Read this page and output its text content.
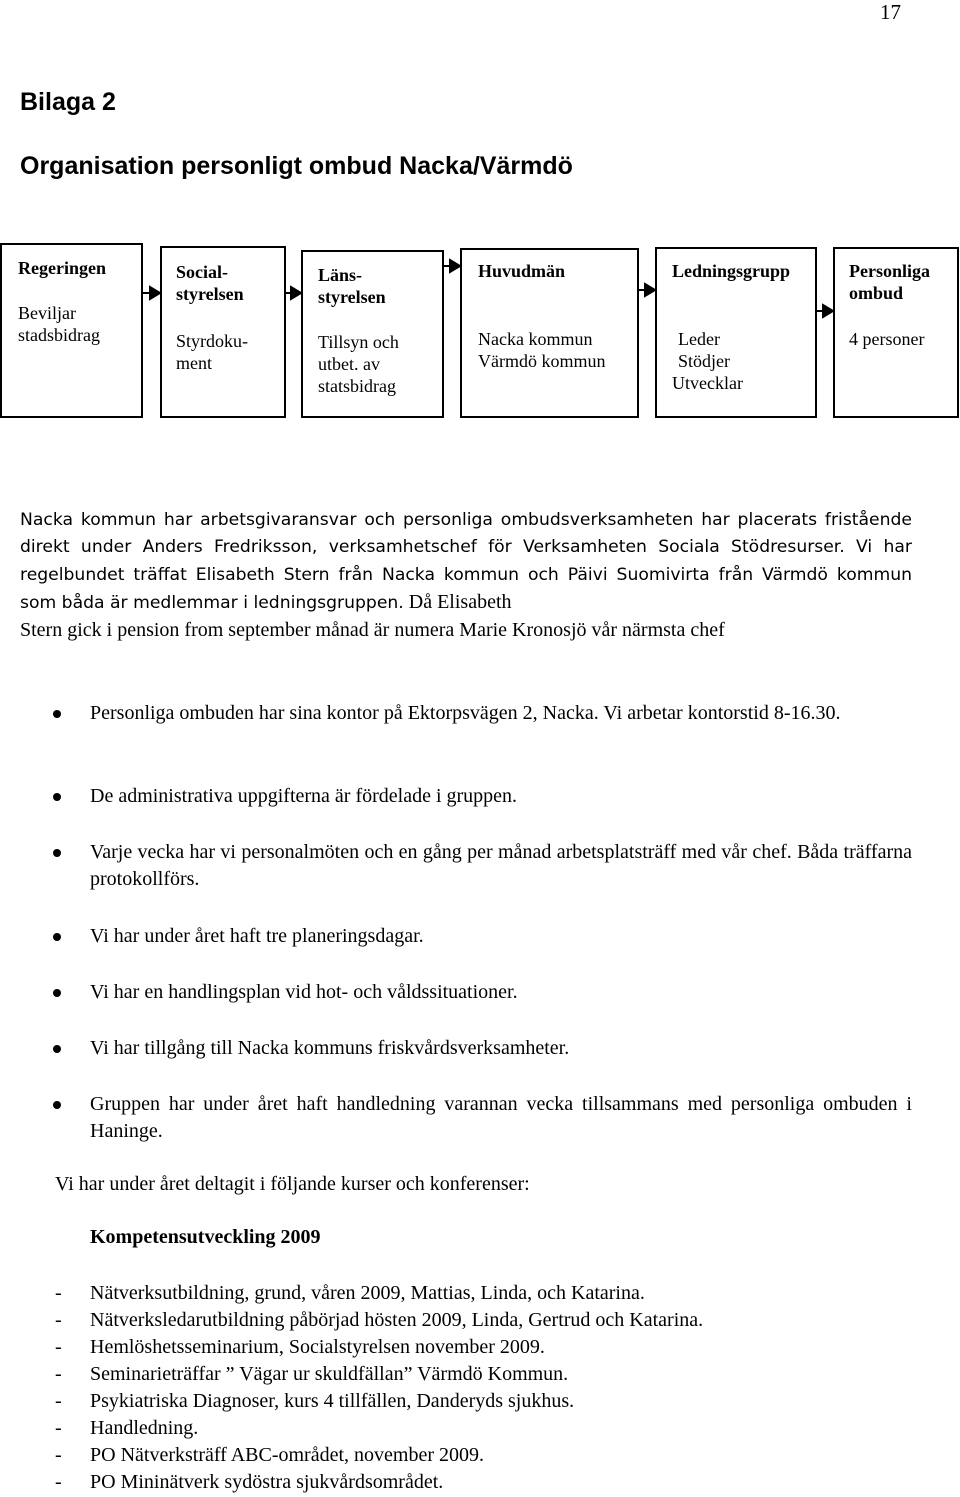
17
Bilaga 2
Organisation personligt ombud Nacka/Värmdö
Regeringen
Beviljar
stadsbidrag
Social-
styrelsen
Styrdoku-
ment
Läns-
styrelsen
Tillsyn och
utbet. av
statsbidrag
Huvudmän
Nacka kommun
Värmdö kommun
Ledningsgrupp
Leder
Stödjer
Utvecklar
Personliga
ombud
4 personer

Nacka kommun har arbetsgivaransvar och personliga ombudsverksamheten har placerats fristående direkt under Anders Fredriksson, verksamhetschef för Verksamheten Sociala Stödresurser. Vi har regelbundet träffat Elisabeth Stern från Nacka kommun och Päivi Suomivirta från Värmdö kommun som båda är medlemmar i ledningsgruppen. Då Elisabeth

Stern gick i pension from september månad är numera Marie Kronosjö vår närmsta chef

Personliga ombuden har sina kontor på Ektorpsvägen 2, Nacka. Vi arbetar kontorstid 8-16.30.

De administrativa uppgifterna är fördelade i gruppen.

Varje vecka har vi personalmöten och en gång per månad arbetsplatsträff med vår chef. Båda träffarna protokollförs.

Vi har under året haft tre planeringsdagar.

Vi har en handlingsplan vid hot- och våldssituationer.

Vi har tillgång till Nacka kommuns friskvårdsverksamheter.

Gruppen har under året haft handledning varannan vecka tillsammans med personliga ombuden i Haninge.

Vi har under året deltagit i följande kurser och konferenser:
Kompetensutveckling 2009
- Nätverksutbildning, grund, våren 2009, Mattias, Linda, och Katarina.
- Nätverksledarutbildning påbörjad hösten 2009, Linda, Gertrud och Katarina.
- Hemlöshetsseminarium, Socialstyrelsen november 2009.
- Seminarieträffar ” Vägar ur skuldfällan” Värmdö Kommun.
- Psykiatriska Diagnoser, kurs 4 tillfällen, Danderyds sjukhus.
- Handledning.
- PO Nätverksträff ABC-området, november 2009.
- PO Mininätverk sydöstra sjukvårdsområdet.
